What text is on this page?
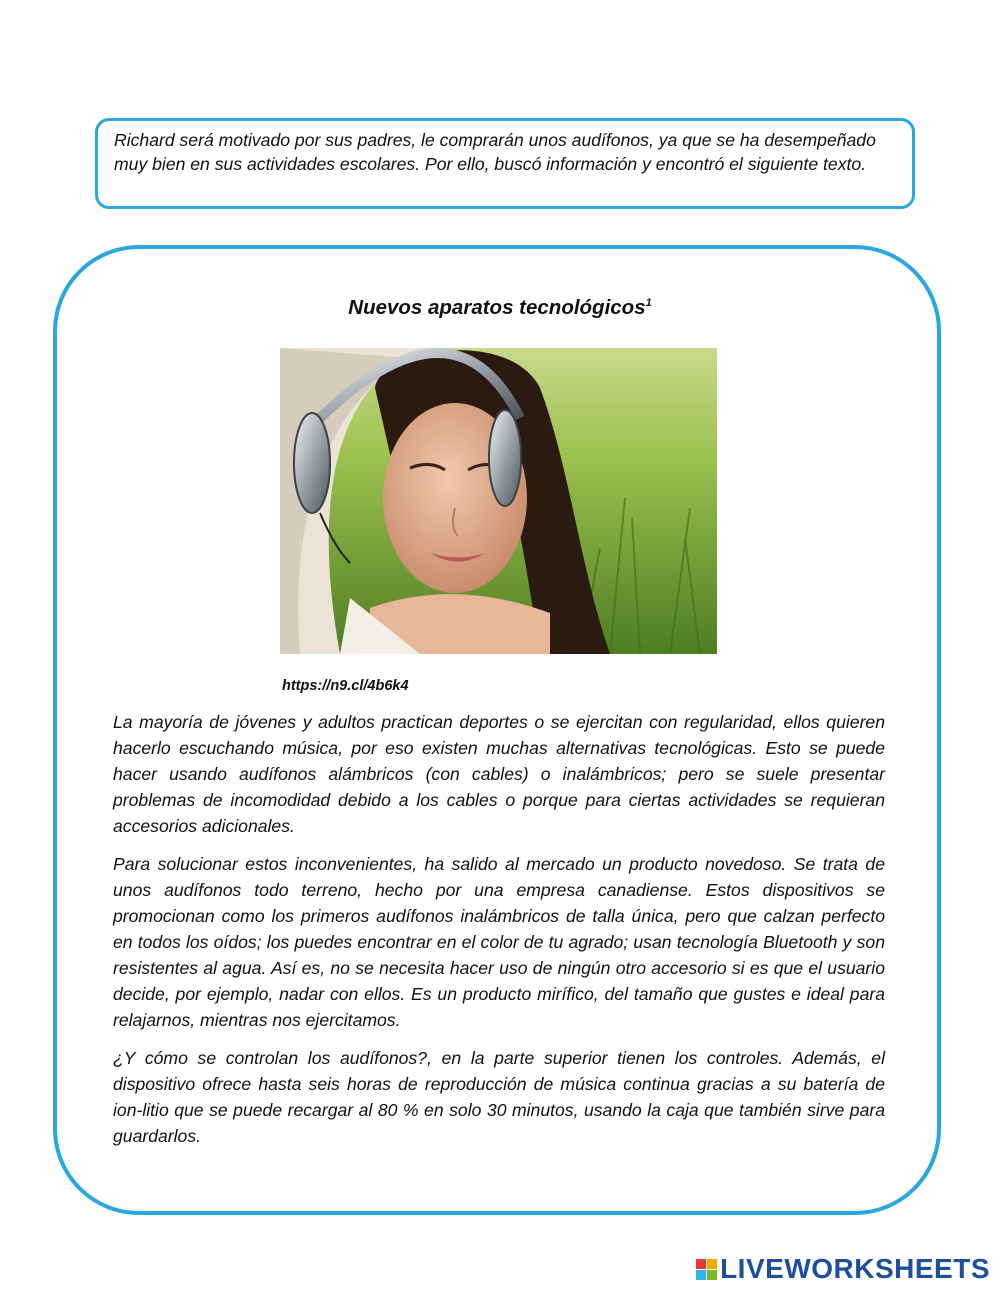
Richard será motivado por sus padres, le comprarán unos audífonos, ya que se ha desempeñado muy bien en sus actividades escolares. Por ello, buscó información y encontró el siguiente texto.

Nuevos aparatos tecnológicos$^1$
https://n9.cl/4b6k4

La mayoría de jóvenes y adultos practican deportes o se ejercitan con regularidad, ellos quieren hacerlo escuchando música, por eso existen muchas alternativas tecnológicas. Esto se puede hacer usando audífonos alámbricos (con cables) o inalámbricos; pero se suele presentar problemas de incomodidad debido a los cables o porque para ciertas actividades se requieran accesorios adicionales.

Para solucionar estos inconvenientes, ha salido al mercado un producto novedoso. Se trata de unos audífonos todo terreno, hecho por una empresa canadiense. Estos dispositivos se promocionan como los primeros audífonos inalámbricos de talla única, pero que calzan perfecto en todos los oídos; los puedes encontrar en el color de tu agrado; usan tecnología Bluetooth y son resistentes al agua. Así es, no se necesita hacer uso de ningún otro accesorio si es que el usuario decide, por ejemplo, nadar con ellos. Es un producto mirífico, del tamaño que gustes e ideal para relajarnos, mientras nos ejercitamos.

¿Y cómo se controlan los audífonos?, en la parte superior tienen los controles. Además, el dispositivo ofrece hasta seis horas de reproducción de música continua gracias a su batería de ion-litio que se puede recargar al 80 % en solo 30 minutos, usando la caja que también sirve para guardarlos.

LIVEWORKSHEETS
